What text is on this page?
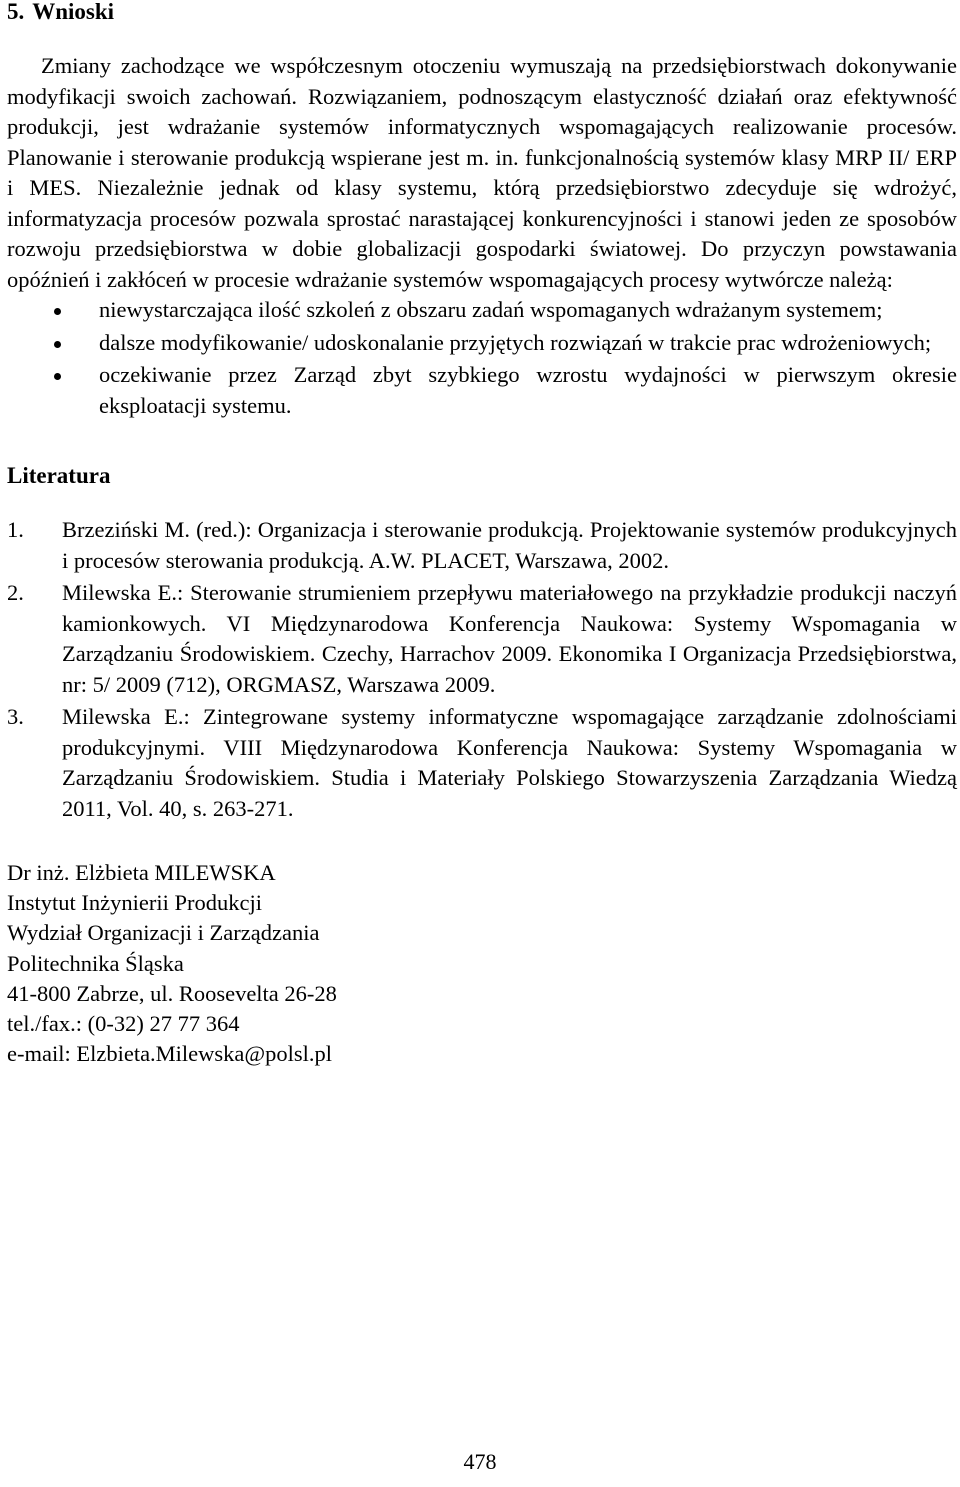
5. Wnioski

Zmiany zachodzące we współczesnym otoczeniu wymuszają na przedsiębiorstwach dokonywanie modyfikacji swoich zachowań. Rozwiązaniem, podnoszącym elastyczność działań oraz efektywność produkcji, jest wdrażanie systemów informatycznych wspomagających realizowanie procesów. Planowanie i sterowanie produkcją wspierane jest m. in. funkcjonalnością systemów klasy MRP II/ ERP i MES. Niezależnie jednak od klasy systemu, którą przedsiębiorstwo zdecyduje się wdrożyć, informatyzacja procesów pozwala sprostać narastającej konkurencyjności i stanowi jeden ze sposobów rozwoju przedsiębiorstwa w dobie globalizacji gospodarki światowej. Do przyczyn powstawania opóźnień i zakłóceń w procesie wdrażanie systemów wspomagających procesy wytwórcze należą:

niewystarczająca ilość szkoleń z obszaru zadań wspomaganych wdrażanym systemem;
dalsze modyfikowanie/ udoskonalanie przyjętych rozwiązań w trakcie prac wdrożeniowych;
oczekiwanie przez Zarząd zbyt szybkiego wzrostu wydajności w pierwszym okresie eksploatacji systemu.
Literatura
1. Brzeziński M. (red.): Organizacja i sterowanie produkcją. Projektowanie systemów produkcyjnych i procesów sterowania produkcją. A.W. PLACET, Warszawa, 2002.
2. Milewska E.: Sterowanie strumieniem przepływu materiałowego na przykładzie produkcji naczyń kamionkowych. VI Międzynarodowa Konferencja Naukowa: Systemy Wspomagania w Zarządzaniu Środowiskiem. Czechy, Harrachov 2009. Ekonomika I Organizacja Przedsiębiorstwa, nr: 5/ 2009 (712), ORGMASZ, Warszawa 2009.
3. Milewska E.: Zintegrowane systemy informatyczne wspomagające zarządzanie zdolnościami produkcyjnymi. VIII Międzynarodowa Konferencja Naukowa: Systemy Wspomagania w Zarządzaniu Środowiskiem. Studia i Materiały Polskiego Stowarzyszenia Zarządzania Wiedzą 2011, Vol. 40, s. 263-271.
Dr inż. Elżbieta MILEWSKA
Instytut Inżynierii Produkcji
Wydział Organizacji i Zarządzania
Politechnika Śląska
41-800 Zabrze, ul. Roosevelta 26-28
tel./fax.: (0-32) 27 77 364
e-mail: Elzbieta.Milewska@polsl.pl
478
